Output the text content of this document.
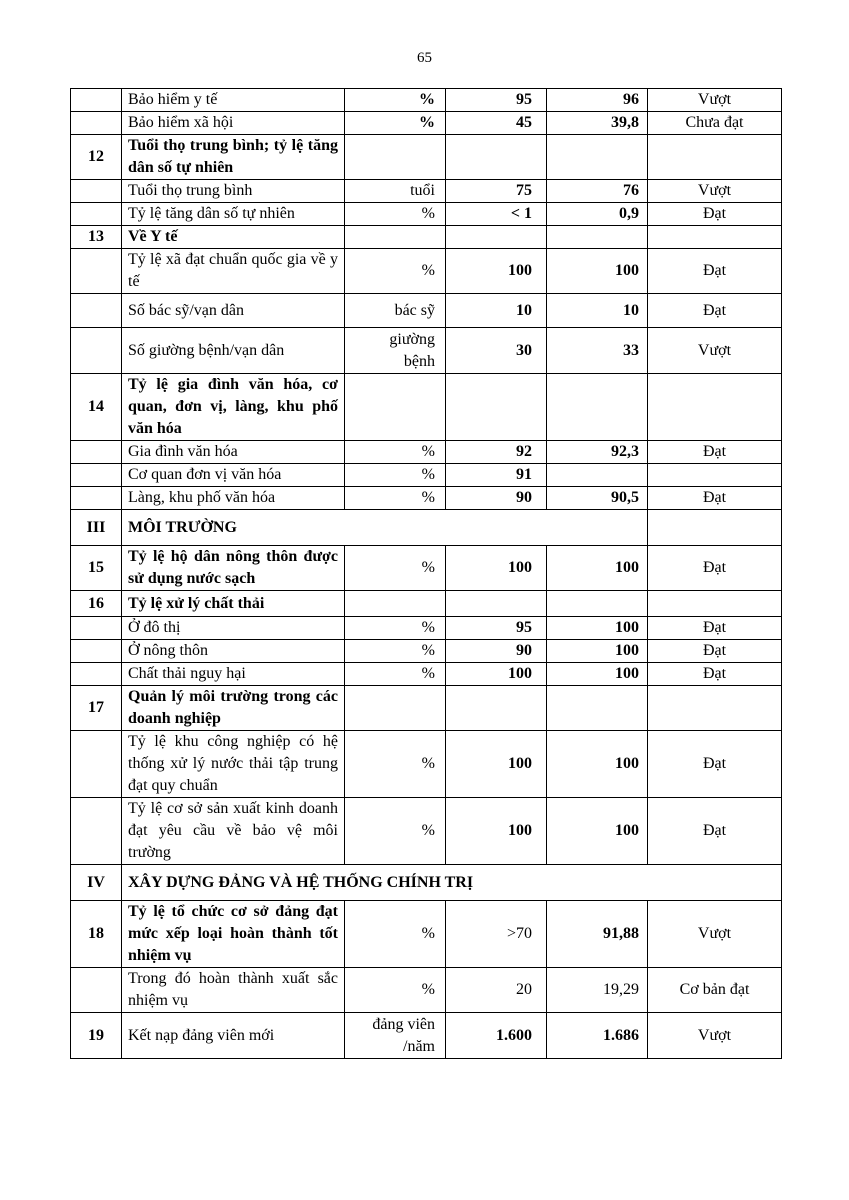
65
	Bảo hiểm y tế	%	95	96	Vượt
	Bảo hiểm xã hội	%	45	39,8	Chưa đạt
12	Tuổi thọ trung bình; tỷ lệ tăng dân số tự nhiên				
	Tuổi thọ trung bình	tuổi	75	76	Vượt
	Tỷ lệ tăng dân số tự nhiên	%	< 1	0,9	Đạt
13	Về Y tế				
	Tỷ lệ xã đạt chuẩn quốc gia về y tế	%	100	100	Đạt
	Số bác sỹ/vạn dân	bác sỹ	10	10	Đạt
	Số giường bệnh/vạn dân	giường bệnh	30	33	Vượt
14	Tỷ lệ gia đình văn hóa, cơ quan, đơn vị, làng, khu phố văn hóa				
	Gia đình văn hóa	%	92	92,3	Đạt
	Cơ quan đơn vị văn hóa	%	91		
	Làng, khu phố văn hóa	%	90	90,5	Đạt
III	MÔI TRƯỜNG				
15	Tỷ lệ hộ dân nông thôn được sử dụng nước sạch	%	100	100	Đạt
16	Tỷ lệ xử lý chất thải				
	Ở đô thị	%	95	100	Đạt
	Ở nông thôn	%	90	100	Đạt
	Chất thải nguy hại	%	100	100	Đạt
17	Quản lý môi trường trong các doanh nghiệp				
	Tỷ lệ khu công nghiệp có hệ thống xử lý nước thải tập trung đạt quy chuẩn	%	100	100	Đạt
	Tỷ lệ cơ sở sản xuất kinh doanh đạt yêu cầu về bảo vệ môi trường	%	100	100	Đạt
IV	XÂY DỰNG ĐẢNG VÀ HỆ THỐNG CHÍNH TRỊ				
18	Tỷ lệ tổ chức cơ sở đảng đạt mức xếp loại hoàn thành tốt nhiệm vụ	%	>70	91,88	Vượt
	Trong đó hoàn thành xuất sắc nhiệm vụ	%	20	19,29	Cơ bản đạt
19	Kết nạp đảng viên mới	đảng viên /năm	1.600	1.686	Vượt
